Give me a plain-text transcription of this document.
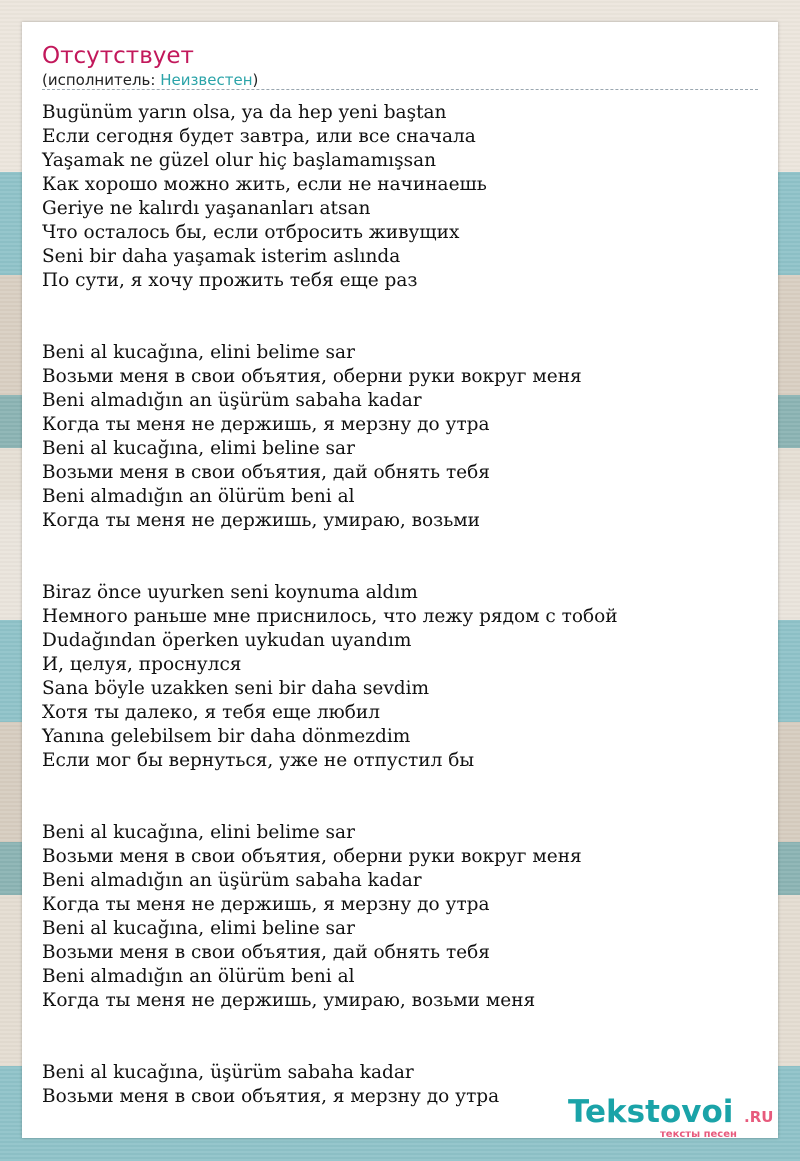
Отсутствует
(исполнитель: Неизвестен)
Bugünüm yarın olsa, ya da hep yeni baştan
Если сегодня будет завтра, или все сначала
Yaşamak ne güzel olur hiç başlamamışsan
Как хорошо можно жить, если не начинаешь
Geriye ne kalırdı yaşananları atsan
Что осталось бы, если отбросить живущих
Seni bir daha yaşamak isterim aslında
По сути, я хочу прожить тебя еще раз
Beni al kucağına, elini belime sar
Возьми меня в свои объятия, оберни руки вокруг меня
Beni almadığın an üşürüm sabaha kadar
Когда ты меня не держишь, я мерзну до утра
Beni al kucağına, elimi beline sar
Возьми меня в свои объятия, дай обнять тебя
Beni almadığın an ölürüm beni al
Когда ты меня не держишь, умираю, возьми
Biraz önce uyurken seni koynuma aldım
Немного раньше мне приснилось, что лежу рядом с тобой
Dudağından öperken uykudan uyandım
И, целуя, проснулся
Sana böyle uzakken seni bir daha sevdim
Хотя ты далеко, я тебя еще любил
Yanına gelebilsem bir daha dönmezdim
Если мог бы вернуться, уже не отпустил бы
Beni al kucağına, elini belime sar
Возьми меня в свои объятия, оберни руки вокруг меня
Beni almadığın an üşürüm sabaha kadar
Когда ты меня не держишь, я мерзну до утра
Beni al kucağına, elimi beline sar
Возьми меня в свои объятия, дай обнять тебя
Beni almadığın an ölürüm beni al
Когда ты меня не держишь, умираю, возьми меня
Beni al kucağına, üşürüm sabaha kadar
Возьми меня в свои объятия, я мерзну до утра	Tekstovoi .RU
тексты песен
